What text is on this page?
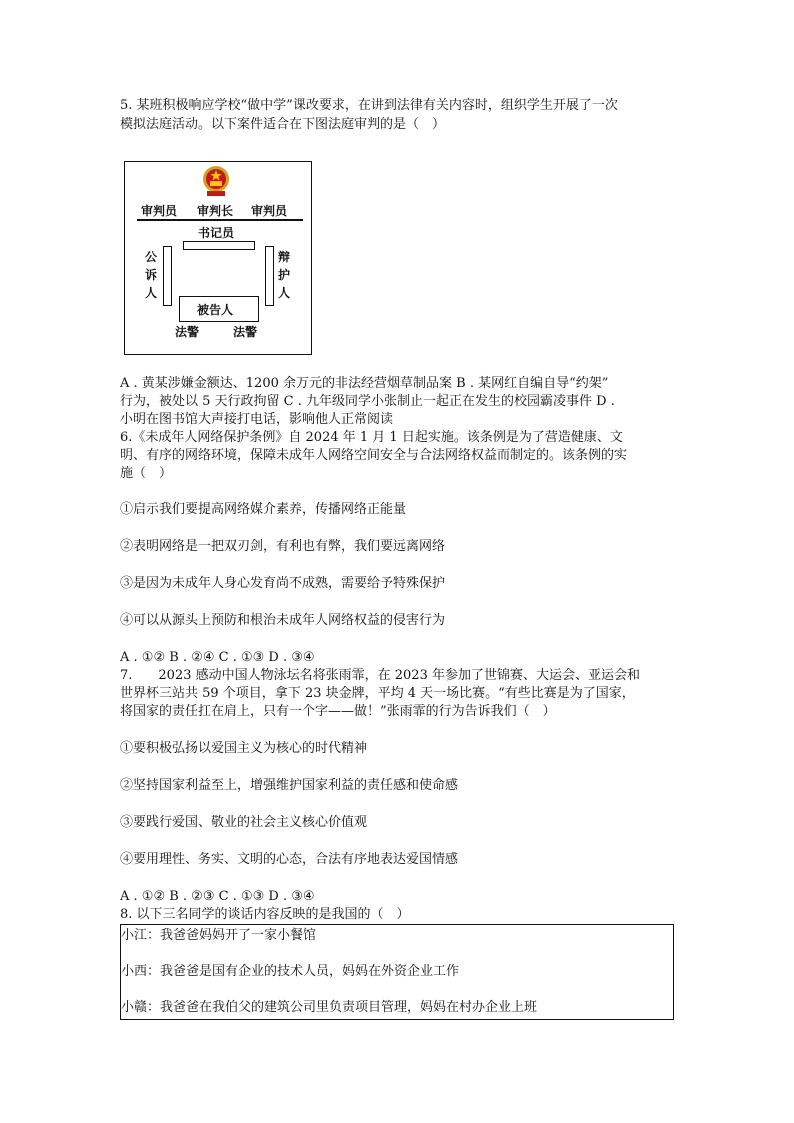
5. 某班积极响应学校“做中学”课改要求，在讲到法律有关内容时，组织学生开展了一次
模拟法庭活动。以下案件适合在下图法庭审判的是（　）
审判员 审判长 审判员
书记员
公诉人
辩护人
被告人
法警	法警
A . 黄某涉嫌金额达、1200 余万元的非法经营烟草制品案 B . 某网红自编自导“约架”
行为，被处以 5 天行政拘留 C . 九年级同学小张制止一起正在发生的校园霸凌事件 D .
小明在图书馆大声接打电话，影响他人正常阅读
6.《未成年人网络保护条例》自 2024 年 1 月 1 日起实施。该条例是为了营造健康、文
明、有序的网络环境，保障未成年人网络空间安全与合法网络权益而制定的。该条例的实
施（　）
①启示我们要提高网络媒介素养，传播网络正能量
②表明网络是一把双刃剑，有利也有弊，我们要远离网络
③是因为未成年人身心发育尚不成熟，需要给予特殊保护
④可以从源头上预防和根治未成年人网络权益的侵害行为
A . ①② B . ②④ C . ①③ D . ③④
7.　　2023 感动中国人物泳坛名将张雨霏，在 2023 年参加了世锦赛、大运会、亚运会和
世界杯三站共 59 个项目，拿下 23 块金牌，平均 4 天一场比赛。“有些比赛是为了国家，
将国家的责任扛在肩上，只有一个字——做！”张雨霏的行为告诉我们（　）
①要积极弘扬以爱国主义为核心的时代精神
②坚持国家利益至上，增强维护国家利益的责任感和使命感
③要践行爱国、敬业的社会主义核心价值观
④要用理性、务实、文明的心态，合法有序地表达爱国情感
A . ①② B . ②③ C . ①③ D . ③④
8. 以下三名同学的谈话内容反映的是我国的（　）
小江：我爸爸妈妈开了一家小餐馆
小西：我爸爸是国有企业的技术人员，妈妈在外资企业工作
小赣：我爸爸在我伯父的建筑公司里负责项目管理，妈妈在村办企业上班
